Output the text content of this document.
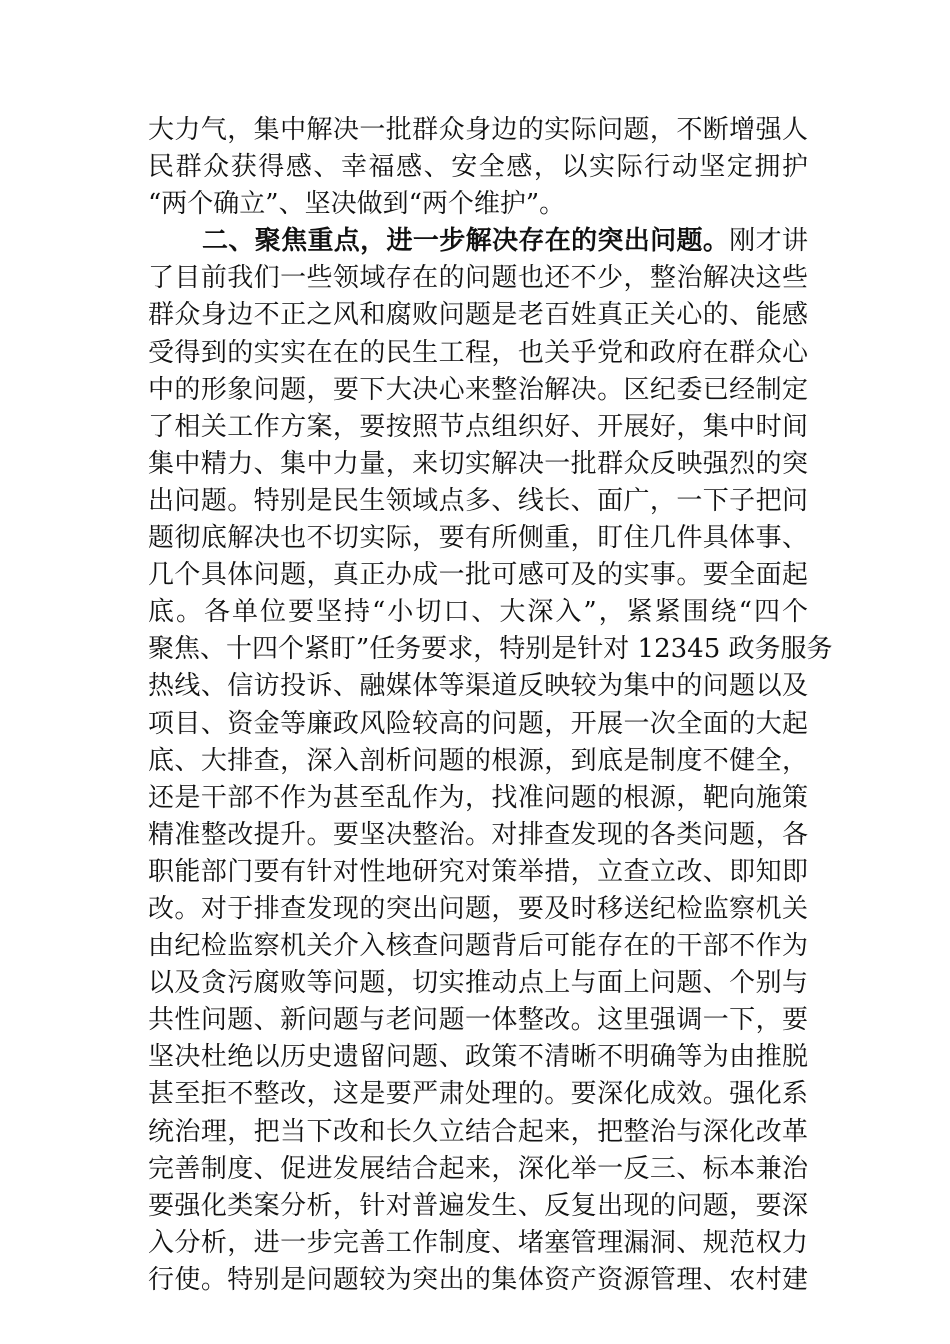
大力气，集中解决一批群众身边的实际问题，不断增强人
民群众获得感、幸福感、安全感，以实际行动坚定拥护
“两个确立”、坚决做到“两个维护”。
二、聚焦重点，进一步解决存在的突出问题。刚才讲
了目前我们一些领域存在的问题也还不少，整治解决这些
群众身边不正之风和腐败问题是老百姓真正关心的、能感
受得到的实实在在的民生工程，也关乎党和政府在群众心
中的形象问题，要下大决心来整治解决。区纪委已经制定
了相关工作方案，要按照节点组织好、开展好，集中时间
集中精力、集中力量，来切实解决一批群众反映强烈的突
出问题。特别是民生领域点多、线长、面广，一下子把问
题彻底解决也不切实际，要有所侧重，盯住几件具体事、
几个具体问题，真正办成一批可感可及的实事。要全面起
底。各单位要坚持“小切口、大深入”，紧紧围绕“四个
聚焦、十四个紧盯”任务要求，特别是针对 12345 政务服务
热线、信访投诉、融媒体等渠道反映较为集中的问题以及
项目、资金等廉政风险较高的问题，开展一次全面的大起
底、大排查，深入剖析问题的根源，到底是制度不健全，
还是干部不作为甚至乱作为，找准问题的根源，靶向施策
精准整改提升。要坚决整治。对排查发现的各类问题，各
职能部门要有针对性地研究对策举措，立查立改、即知即
改。对于排查发现的突出问题，要及时移送纪检监察机关
由纪检监察机关介入核查问题背后可能存在的干部不作为
以及贪污腐败等问题，切实推动点上与面上问题、个别与
共性问题、新问题与老问题一体整改。这里强调一下，要
坚决杜绝以历史遗留问题、政策不清晰不明确等为由推脱
甚至拒不整改，这是要严肃处理的。要深化成效。强化系
统治理，把当下改和长久立结合起来，把整治与深化改革
完善制度、促进发展结合起来，深化举一反三、标本兼治
要强化类案分析，针对普遍发生、反复出现的问题，要深
入分析，进一步完善工作制度、堵塞管理漏洞、规范权力
行使。特别是问题较为突出的集体资产资源管理、农村建
